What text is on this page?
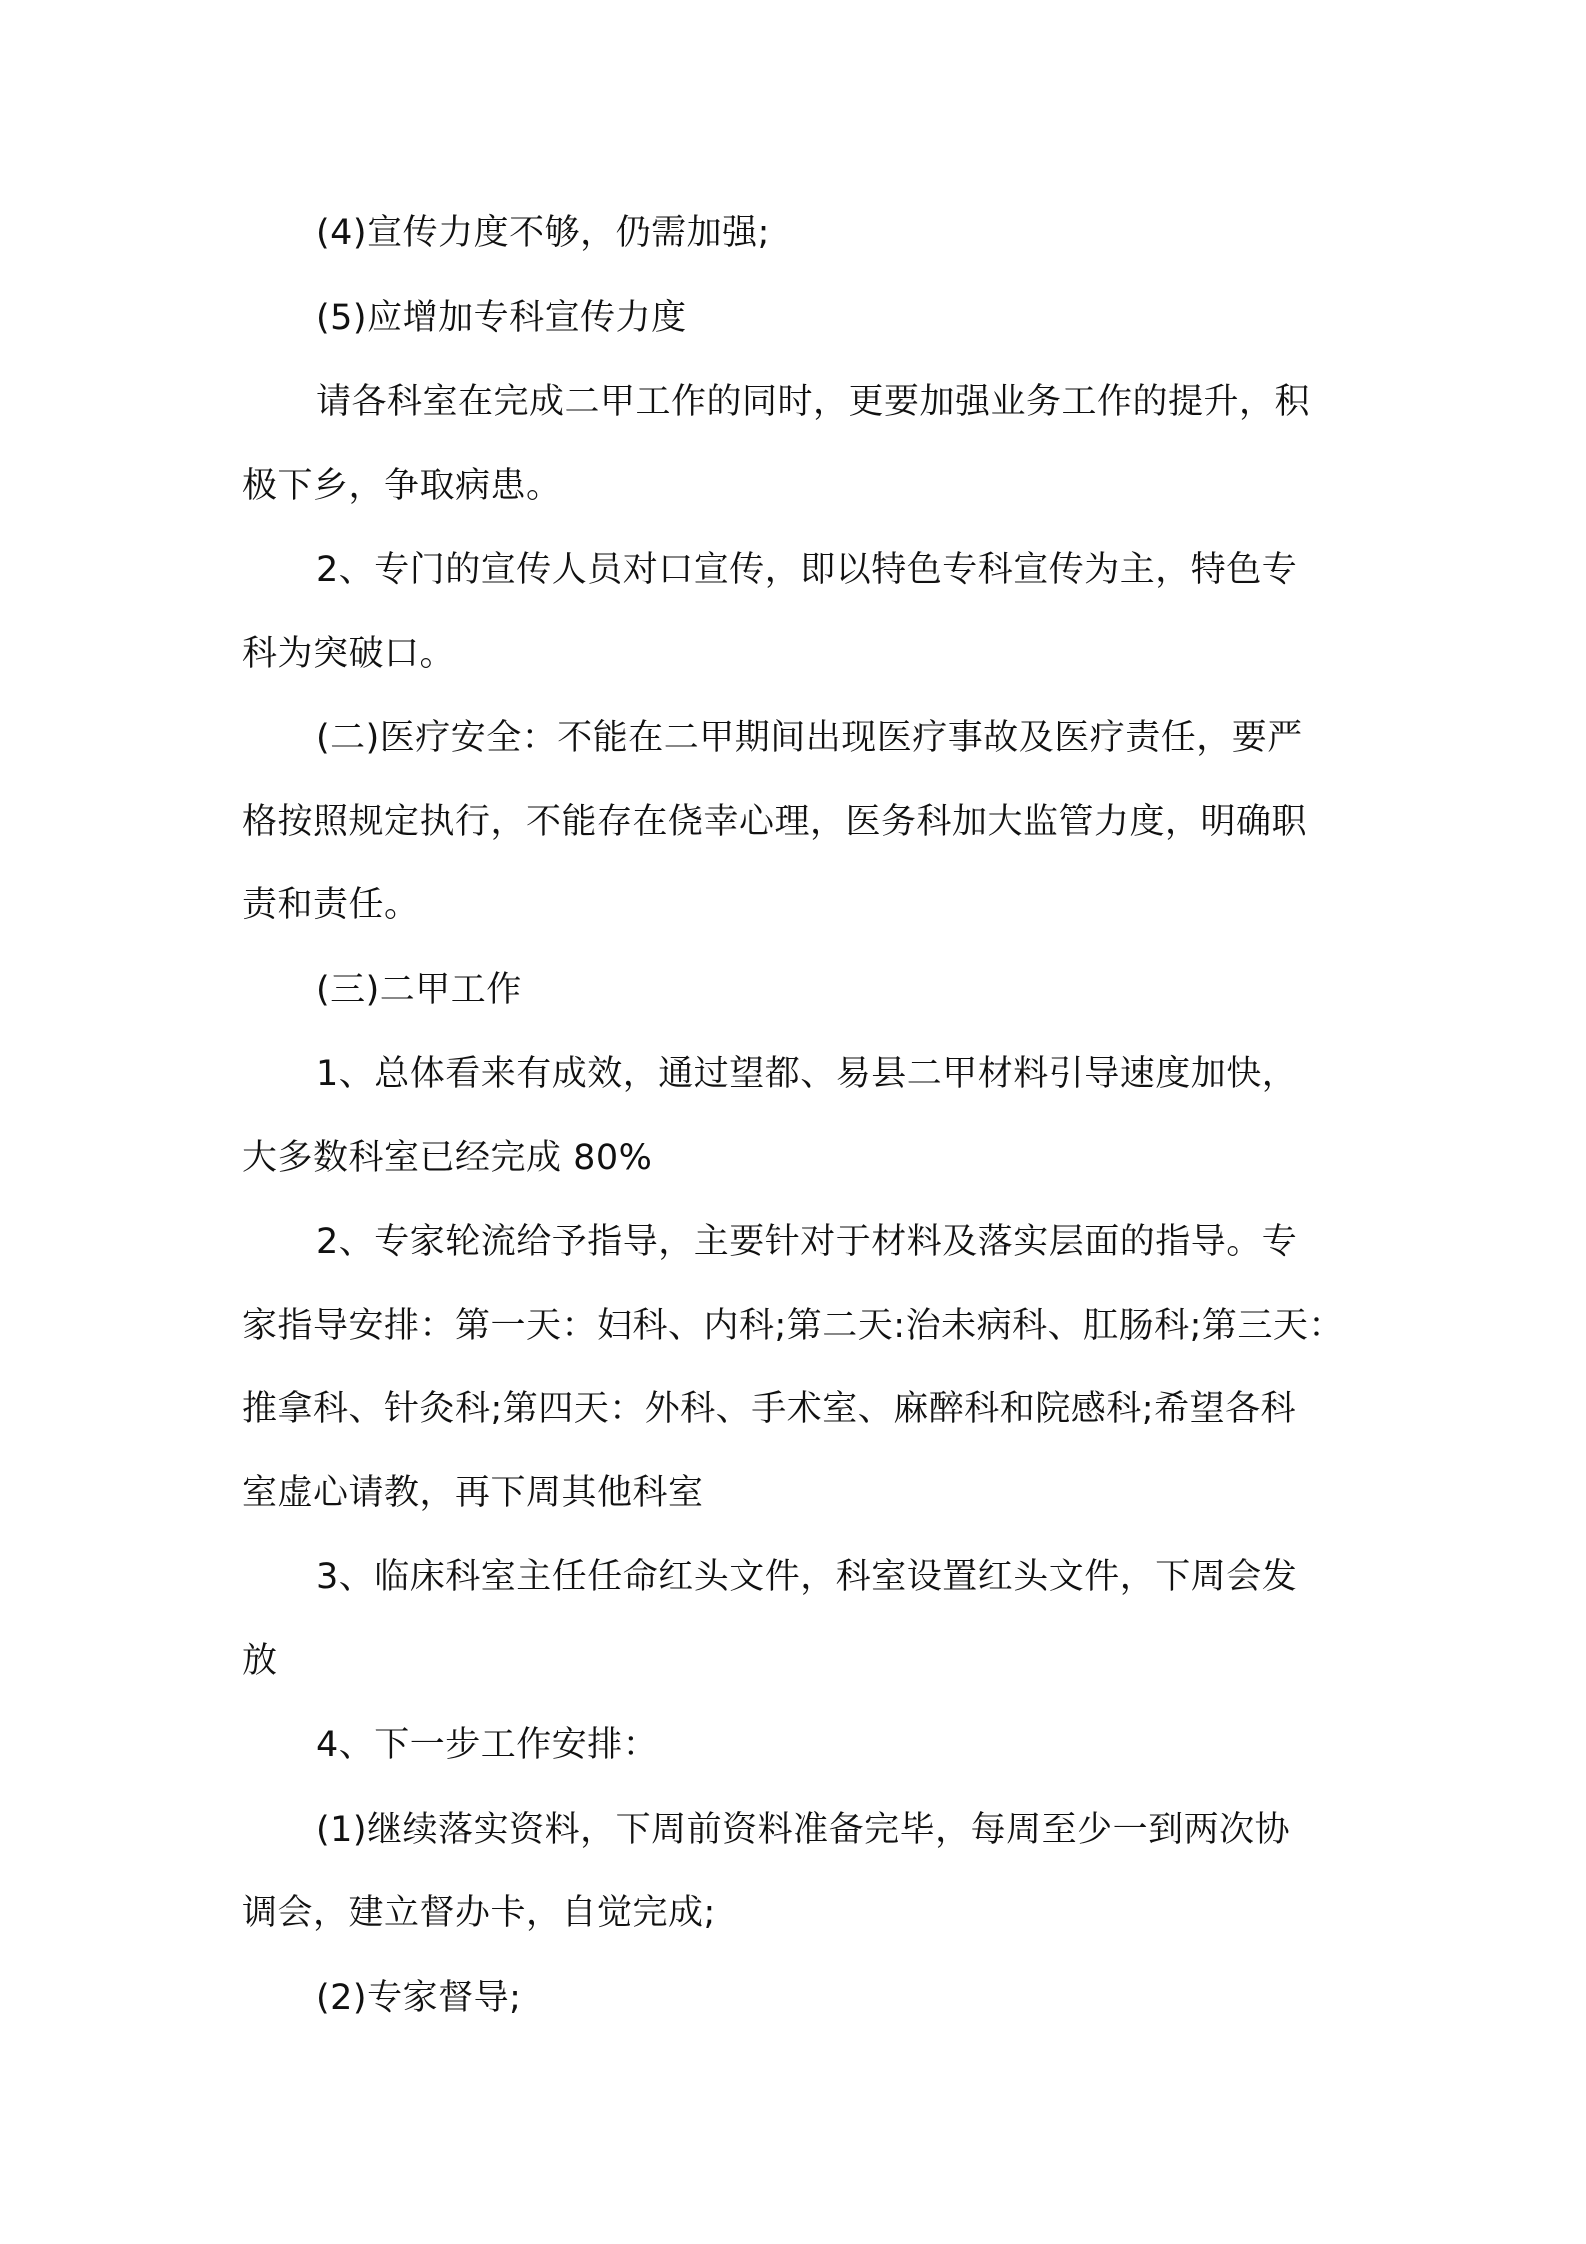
(4)宣传力度不够，仍需加强;

(5)应增加专科宣传力度

请各科室在完成二甲工作的同时，更要加强业务工作的提升，积
极下乡，争取病患。

2、专门的宣传人员对口宣传，即以特色专科宣传为主，特色专
科为突破口。

(二)医疗安全：不能在二甲期间出现医疗事故及医疗责任，要严
格按照规定执行，不能存在侥幸心理，医务科加大监管力度，明确职
责和责任。

(三)二甲工作

1、总体看来有成效，通过望都、易县二甲材料引导速度加快，
大多数科室已经完成 80%

2、专家轮流给予指导，主要针对于材料及落实层面的指导。专
家指导安排：第一天：妇科、内科;第二天:治未病科、肛肠科;第三天：
推拿科、针灸科;第四天：外科、手术室、麻醉科和院感科;希望各科
室虚心请教，再下周其他科室

3、临床科室主任任命红头文件，科室设置红头文件，下周会发
放

4、下一步工作安排：

(1)继续落实资料，下周前资料准备完毕，每周至少一到两次协
调会，建立督办卡，自觉完成;

(2)专家督导;
